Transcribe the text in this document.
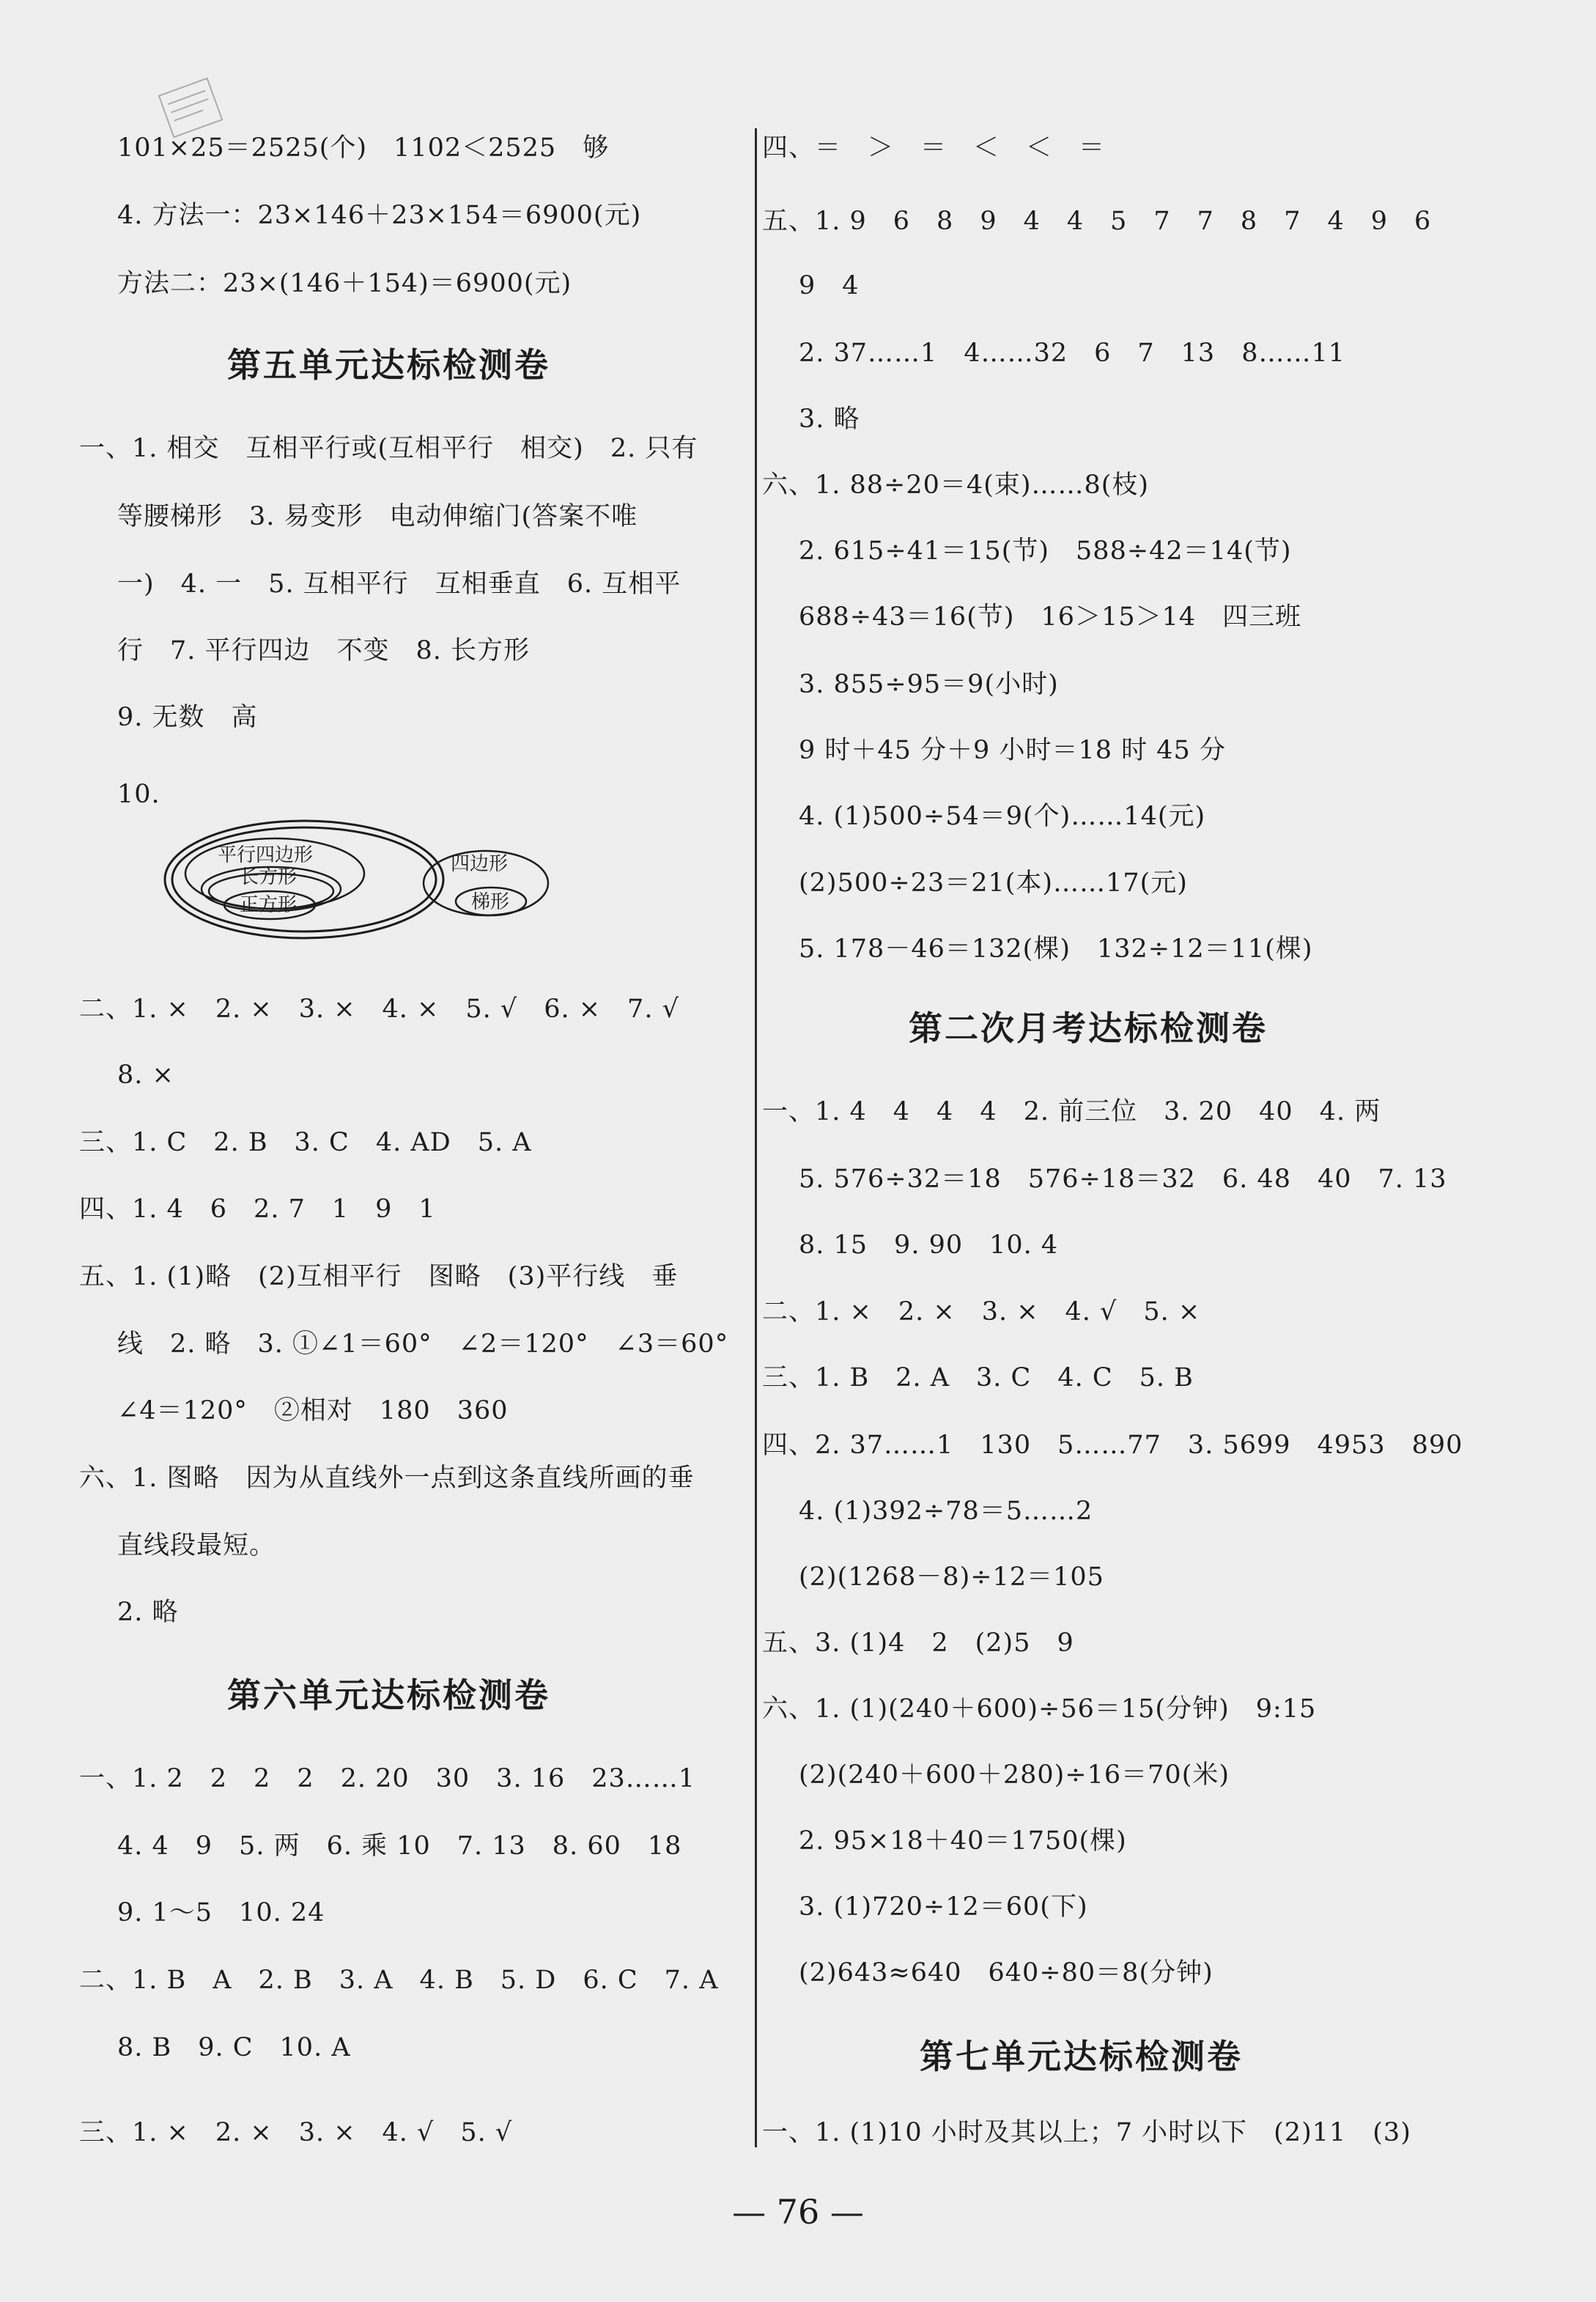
101×25＝2525(个)　1102＜2525　够
4. 方法一：23×146＋23×154＝6900(元)
方法二：23×(146＋154)＝6900(元)
第五单元达标检测卷
一、1. 相交　互相平行或(互相平行　相交)　2. 只有
等腰梯形　3. 易变形　电动伸缩门(答案不唯
一)　4. 一　5. 互相平行　互相垂直　6. 互相平
行　7. 平行四边　不变　8. 长方形
9. 无数　高
10.
平行四边形
长方形
正方形
四边形
梯形
二、1. ×　2. ×　3. ×　4. ×　5. √　6. ×　7. √
8. ×
三、1. C　2. B　3. C　4. AD　5. A
四、1. 4　6　2. 7　1　9　1
五、1. (1)略　(2)互相平行　图略　(3)平行线　垂
线　2. 略　3. ①∠1＝60°　∠2＝120°　∠3＝60°
∠4＝120°　②相对　180　360
六、1. 图略　因为从直线外一点到这条直线所画的垂
直线段最短。
2. 略
第六单元达标检测卷
一、1. 2　2　2　2　2. 20　30　3. 16　23……1
4. 4　9　5. 两　6. 乘 10　7. 13　8. 60　18
9. 1～5　10. 24
二、1. B　A　2. B　3. A　4. B　5. D　6. C　7. A
8. B　9. C　10. A
三、1. ×　2. ×　3. ×　4. √　5. √
四、＝　＞　＝　＜　＜　＝
五、1. 9　6　8　9　4　4　5　7　7　8　7　4　9　6
9　4
2. 37……1　4……32　6　7　13　8……11
3. 略
六、1. 88÷20＝4(束)……8(枝)
2. 615÷41＝15(节)　588÷42＝14(节)
688÷43＝16(节)　16＞15＞14　四三班
3. 855÷95＝9(小时)
9 时＋45 分＋9 小时＝18 时 45 分
4. (1)500÷54＝9(个)……14(元)
(2)500÷23＝21(本)……17(元)
5. 178－46＝132(棵)　132÷12＝11(棵)
第二次月考达标检测卷
一、1. 4　4　4　4　2. 前三位　3. 20　40　4. 两
5. 576÷32＝18　576÷18＝32　6. 48　40　7. 13
8. 15　9. 90　10. 4
二、1. ×　2. ×　3. ×　4. √　5. ×
三、1. B　2. A　3. C　4. C　5. B
四、2. 37……1　130　5……77　3. 5699　4953　890
4. (1)392÷78＝5……2
(2)(1268－8)÷12＝105
五、3. (1)4　2　(2)5　9
六、1. (1)(240＋600)÷56＝15(分钟)　9:15
(2)(240＋600＋280)÷16＝70(米)
2. 95×18＋40＝1750(棵)
3. (1)720÷12＝60(下)
(2)643≈640　640÷80＝8(分钟)
第七单元达标检测卷
一、1. (1)10 小时及其以上；7 小时以下　(2)11　(3)
— 76 —
